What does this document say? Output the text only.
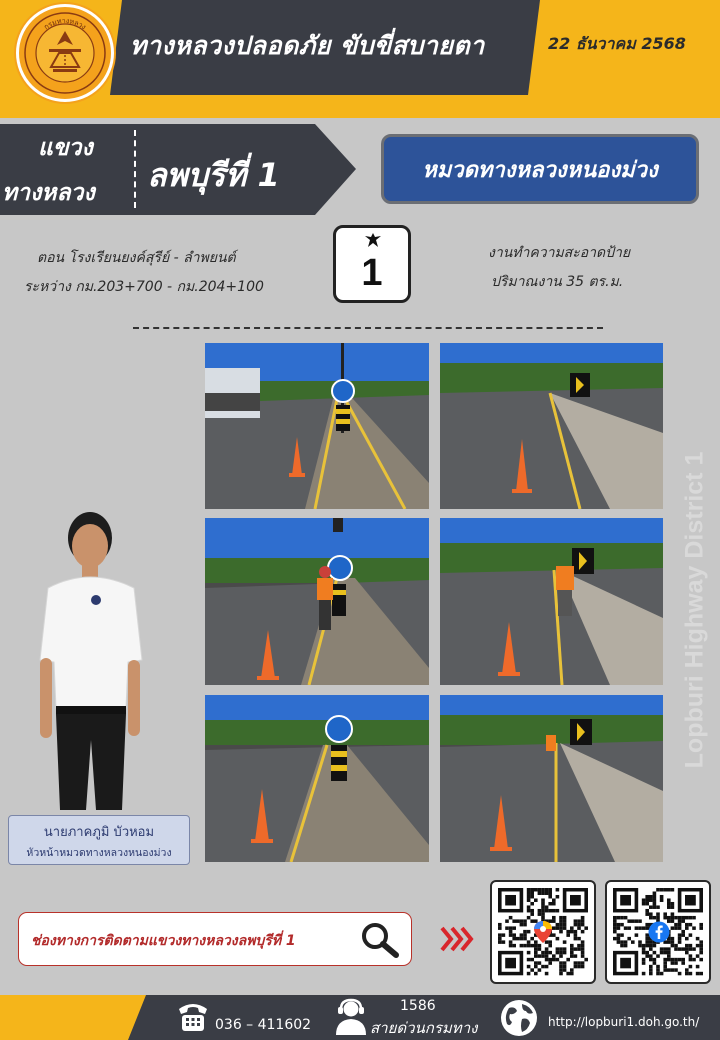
ทางหลวงปลอดภัย ขับขี่สบายตา	22 ธันวาคม 2568
กรมทางหลวง
แขวง
ทางหลวง ลพบุรีที่ 1	หมวดทางหลวงหนองม่วง
ตอน โรงเรียนยงค์สุรีย์ - ลำพยนต์
ระหว่าง กม.203+700 - กม.204+100	1	งานทำความสะอาดป้าย
ปริมาณงาน 35 ตร.ม.
นายภาคภูมิ บัวหอม
หัวหน้าหมวดทางหลวงหนองม่วง
Lopburi Highway District 1
ช่องทางการติดตามแขวงทางหลวงลพบุรีที่ 1
036 – 411602
1586
สายด่วนกรมทาง	http://lopburi1.doh.go.th/
